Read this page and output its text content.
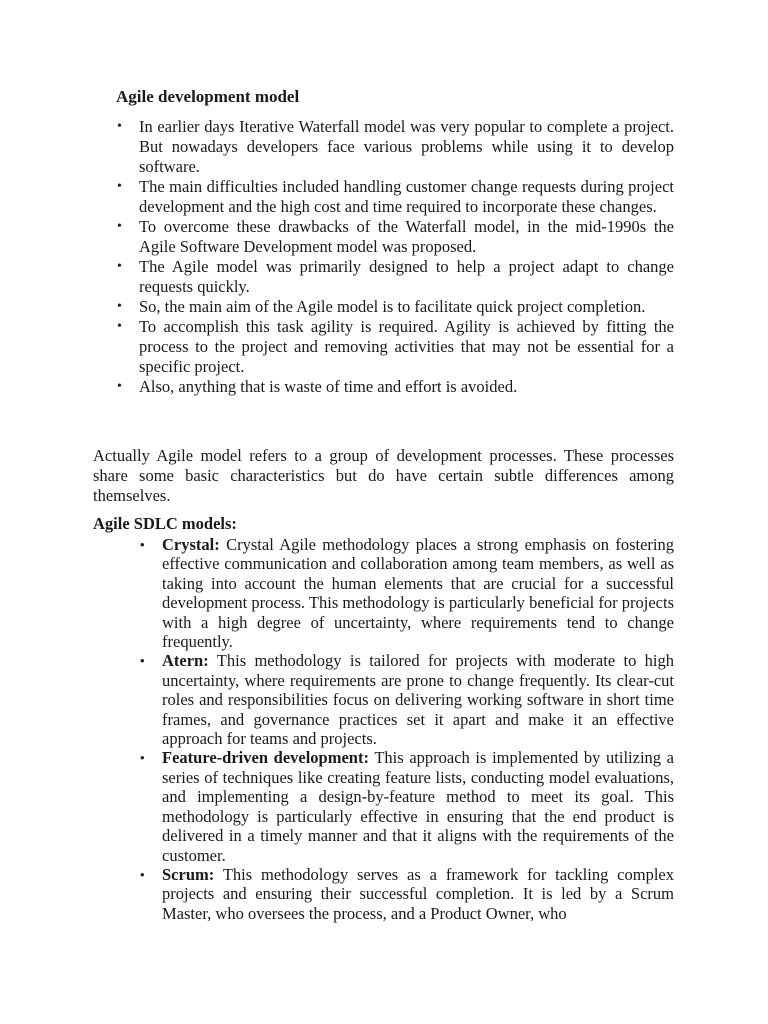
Agile development model
• In earlier days Iterative Waterfall model was very popular to complete a project. But nowadays developers face various problems while using it to develop software.
• The main difficulties included handling customer change requests during project development and the high cost and time required to incorporate these changes.
• To overcome these drawbacks of the Waterfall model, in the mid-1990s the Agile Software Development model was proposed.
• The Agile model was primarily designed to help a project adapt to change requests quickly.
• So, the main aim of the Agile model is to facilitate quick project completion.
• To accomplish this task agility is required. Agility is achieved by fitting the process to the project and removing activities that may not be essential for a specific project.
• Also, anything that is waste of time and effort is avoided.

Actually Agile model refers to a group of development processes. These processes share some basic characteristics but do have certain subtle differences among themselves.

Agile SDLC models:
• Crystal: Crystal Agile methodology places a strong emphasis on fostering effective communication and collaboration among team members, as well as taking into account the human elements that are crucial for a successful development process. This methodology is particularly beneficial for projects with a high degree of uncertainty, where requirements tend to change frequently.
• Atern: This methodology is tailored for projects with moderate to high uncertainty, where requirements are prone to change frequently. Its clear-cut roles and responsibilities focus on delivering working software in short time frames, and governance practices set it apart and make it an effective approach for teams and projects.
• Feature-driven development: This approach is implemented by utilizing a series of techniques like creating feature lists, conducting model evaluations, and implementing a design-by-feature method to meet its goal. This methodology is particularly effective in ensuring that the end product is delivered in a timely manner and that it aligns with the requirements of the customer.
• Scrum: This methodology serves as a framework for tackling complex projects and ensuring their successful completion. It is led by a Scrum Master, who oversees the process, and a Product Owner, who
